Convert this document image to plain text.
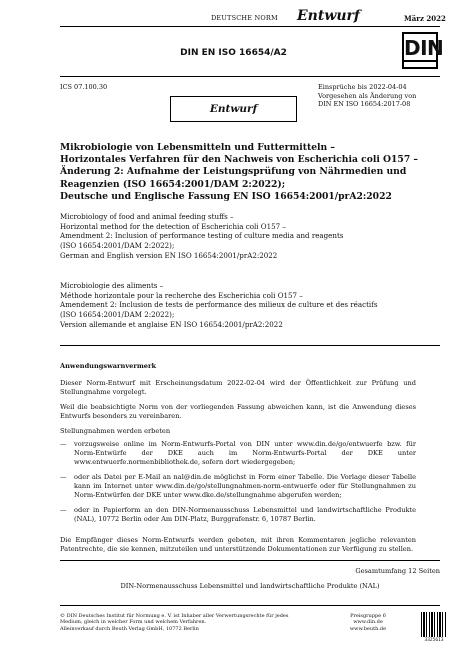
DEUTSCHE NORM Entwurf	März 2022
DIN EN ISO 16654/A2	DIN
ICS 07.100.30	Einsprüche bis 2022-04-04
Vorgesehen als Änderung von
DIN EN ISO 16654:2017-08
Entwurf
Mikrobiologie von Lebensmitteln und Futtermitteln –
Horizontales Verfahren für den Nachweis von Escherichia coli O157 –
Änderung 2: Aufnahme der Leistungsprüfung von Nährmedien und
Reagenzien (ISO 16654:2001/DAM 2:2022);
Deutsche und Englische Fassung EN ISO 16654:2001/prA2:2022
Microbiology of food and animal feeding stuffs –
Horizontal method for the detection of Escherichia coli O157 –
Amendment 2: Inclusion of performance testing of culture media and reagents
(ISO 16654:2001/DAM 2:2022);
German and English version EN ISO 16654:2001/prA2:2022
Microbiologie des aliments –
Méthode horizontale pour la recherche des Escherichia coli O157 –
Amendement 2: Inclusion de tests de performance des milieux de culture et des réactifs
(ISO 16654:2001/DAM 2:2022);
Version allemande et anglaise EN ISO 16654:2001/prA2:2022
Anwendungswarnvermerk
Dieser Norm-Entwurf mit Erscheinungsdatum 2022-02-04 wird der Öffentlichkeit zur Prüfung und Stellungnahme vorgelegt.
Weil die beabsichtigte Norm von der vorliegenden Fassung abweichen kann, ist die Anwendung dieses Entwurfs besonders zu vereinbaren.
Stellungnahmen werden erbeten
— vorzugsweise online im Norm-Entwurfs-Portal von DIN unter www.din.de/go/entwuerfe bzw. für Norm-Entwürfe der DKE auch im Norm-Entwurfs-Portal der DKE unter www.entwuerfe.normenbibliothek.de, sofern dort wiedergegeben;
— oder als Datei per E-Mail an nal@din.de möglichst in Form einer Tabelle. Die Vorlage dieser Tabelle kann im Internet unter www.din.de/go/stellungnahmen-norm-entwuerfe oder für Stellungnahmen zu Norm-Entwürfen der DKE unter www.dke.de/stellungnahme abgerufen werden;
— oder in Papierform an den DIN-Normenausschuss Lebensmittel und landwirtschaftliche Produkte (NAL), 10772 Berlin oder Am DIN-Platz, Burggrafenstr. 6, 10787 Berlin.
Die Empfänger dieses Norm-Entwurfs werden gebeten, mit ihren Kommentaren jegliche relevanten Patentrechte, die sie kennen, mitzuteilen und unterstützende Dokumentationen zur Verfügung zu stellen.
Gesamtumfang 12 Seiten
DIN-Normenausschuss Lebensmittel und landwirtschaftliche Produkte (NAL)
© DIN Deutsches Institut für Normung e. V. ist Inhaber aller Verwertungsrechte für jedes Medium, gleich in welcher Form und welchem Verfahren.
Alleinverkauf durch Beuth Verlag GmbH, 10772 Berlin
Preisgruppe 6
www.din.de
www.beuth.de
3325613
